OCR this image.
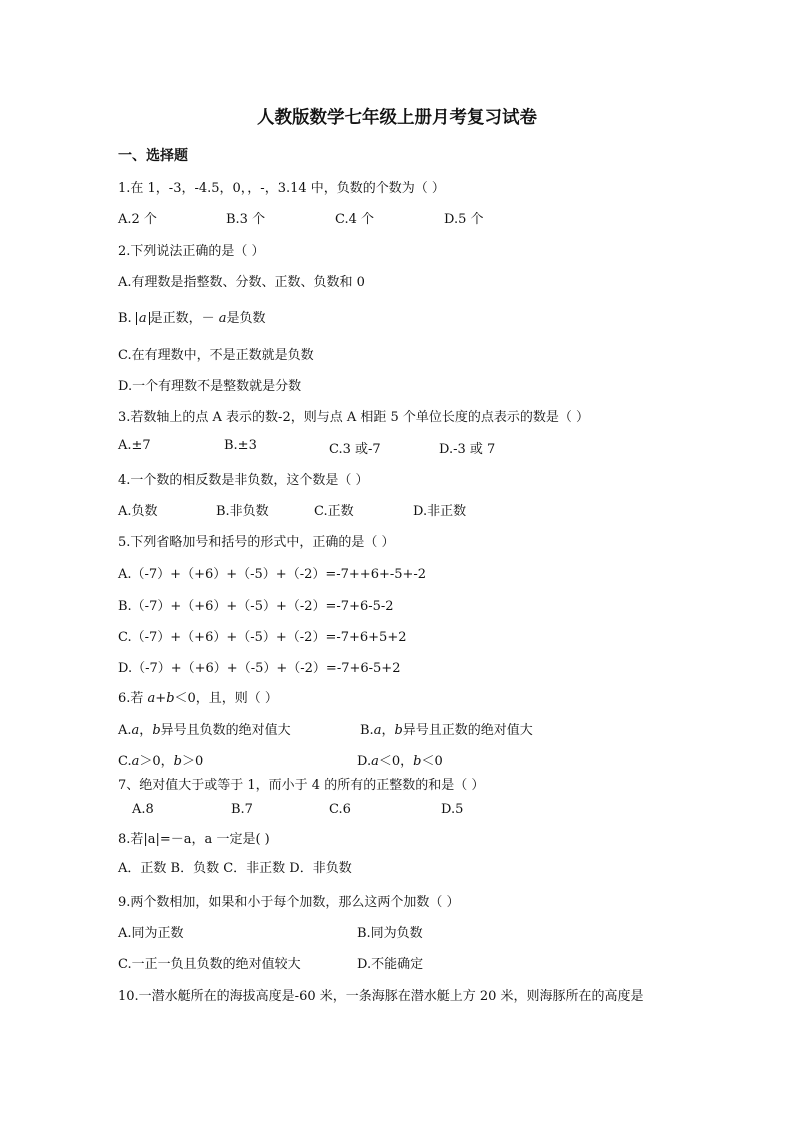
人教版数学七年级上册月考复习试卷
一、选择题
1.在 1，-3，-4.5，0，，-，3.14 中，负数的个数为（ ）
A.2 个	B.3 个	C.4 个	D.5 个
2.下列说法正确的是（ ）
A.有理数是指整数、分数、正数、负数和 0
B. a 是正数，－ a是负数
C.在有理数中，不是正数就是负数
D.一个有理数不是整数就是分数
3.若数轴上的点 A 表示的数-2，则与点 A 相距 5 个单位长度的点表示的数是（ ）
A.±7	B.±3	C.3 或-7	D.-3 或 7
4.一个数的相反数是非负数，这个数是（ ）
A.负数	B.非负数	C.正数	D.非正数
5.下列省略加号和括号的形式中，正确的是（ ）
A.（-7）+（+6）+（-5）+（-2）=-7++6+-5+-2
B.（-7）+（+6）+（-5）+（-2）=-7+6-5-2
C.（-7）+（+6）+（-5）+（-2）=-7+6+5+2
D.（-7）+（+6）+（-5）+（-2）=-7+6-5+2
6.若 a+b＜0，且，则（ ）
A.a，b异号且负数的绝对值大	B.a，b异号且正数的绝对值大
C.a＞0，b＞0	D.a＜0，b＜0
7、绝对值大于或等于 1，而小于 4 的所有的正整数的和是（ ）
A.8	B.7	C.6	D.5
8.若|a|=－a，a 一定是( )
A．正数 B．负数 C．非正数 D．非负数
9.两个数相加，如果和小于每个加数，那么这两个加数（ ）
A.同为正数	B.同为负数
C.一正一负且负数的绝对值较大	D.不能确定
10.一潜水艇所在的海拔高度是-60 米，一条海豚在潜水艇上方 20 米，则海豚所在的高度是
